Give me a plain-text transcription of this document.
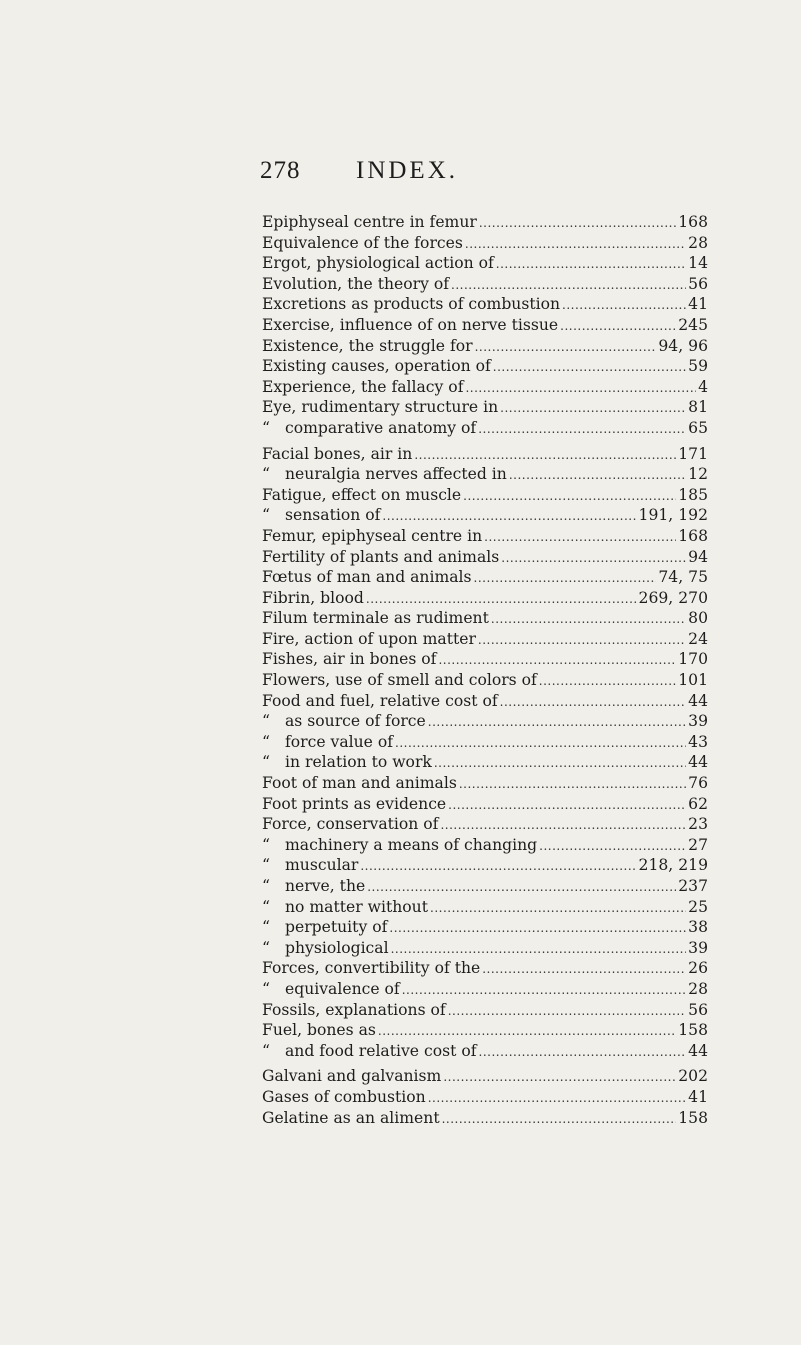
278 INDEX.
Epiphyseal centre in femur .....	168
Equivalence of the forces .....	28
Ergot, physiological action of .....	14
Evolution, the theory of .....	56
Excretions as products of combustion .....	41
Exercise, influence of on nerve tissue .....	245
Existence, the struggle for .....	94, 96
Existing causes, operation of .....	59
Experience, the fallacy of .....	4
Eye, rudimentary structure in .....	81
“ comparative anatomy of .....	65
Facial bones, air in .....	171
“ neuralgia nerves affected in .....	12
Fatigue, effect on muscle .....	185
“ sensation of .....	191, 192
Femur, epiphyseal centre in .....	168
Fertility of plants and animals .....	94
Fœtus of man and animals .....	74, 75
Fibrin, blood .....	269, 270
Filum terminale as rudiment .....	80
Fire, action of upon matter .....	24
Fishes, air in bones of .....	170
Flowers, use of smell and colors of .....	101
Food and fuel, relative cost of .....	44
“ as source of force .....	39
“ force value of .....	43
“ in relation to work .....	44
Foot of man and animals .....	76
Foot prints as evidence .....	62
Force, conservation of .....	23
“ machinery a means of changing .....	27
“ muscular .....	218, 219
“ nerve, the .....	237
“ no matter without .....	25
“ perpetuity of .....	38
“ physiological .....	39
Forces, convertibility of the .....	26
“ equivalence of .....	28
Fossils, explanations of .....	56
Fuel, bones as .....	158
“ and food relative cost of .....	44
Galvani and galvanism .....	202
Gases of combustion .....	41
Gelatine as an aliment .....	158
